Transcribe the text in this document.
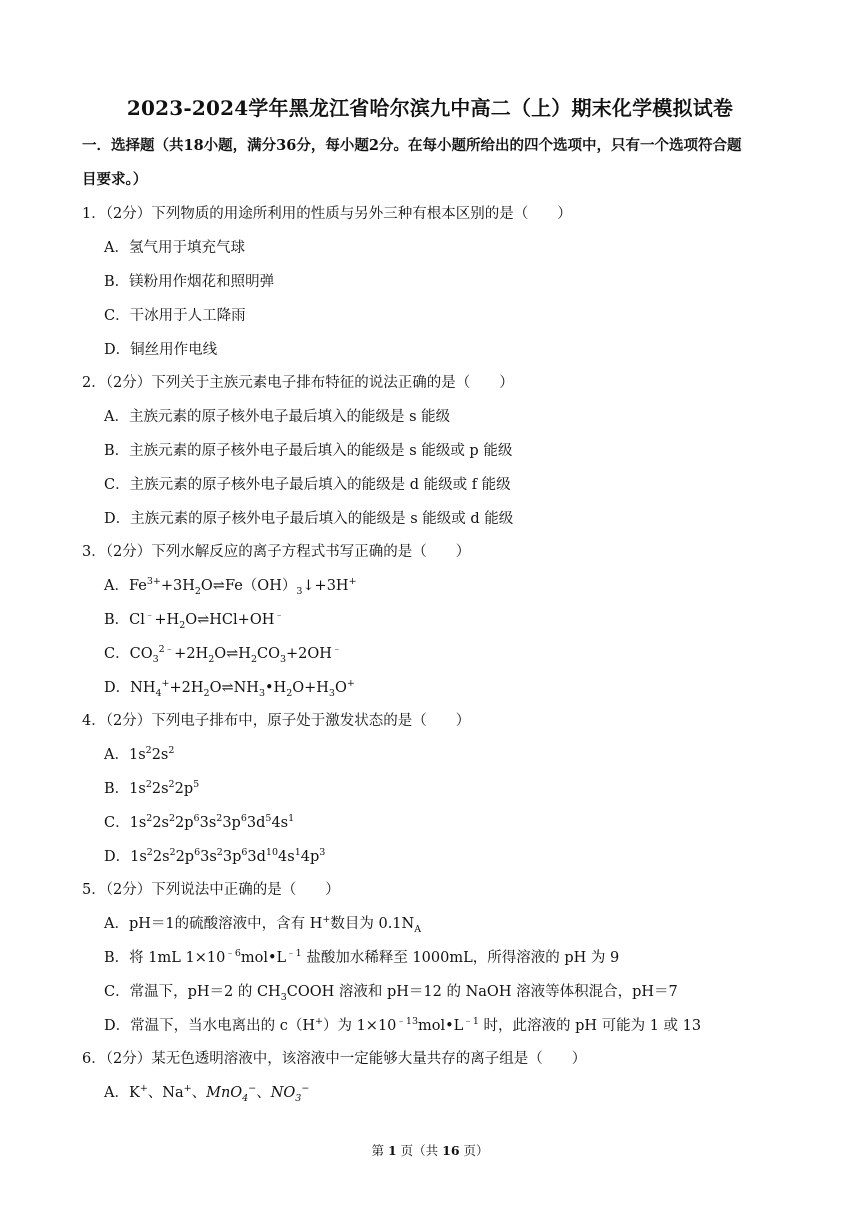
2023-2024学年黑龙江省哈尔滨九中高二（上）期末化学模拟试卷
一．选择题（共18小题，满分36分，每小题2分。在每小题所给出的四个选项中，只有一个选项符合题
目要求。）
1．（2分）下列物质的用途所利用的性质与另外三种有根本区别的是（　　）
A．氢气用于填充气球
B．镁粉用作烟花和照明弹
C．干冰用于人工降雨
D．铜丝用作电线
2．（2分）下列关于主族元素电子排布特征的说法正确的是（　　）
A．主族元素的原子核外电子最后填入的能级是 s 能级
B．主族元素的原子核外电子最后填入的能级是 s 能级或 p 能级
C．主族元素的原子核外电子最后填入的能级是 d 能级或 f 能级
D．主族元素的原子核外电子最后填入的能级是 s 能级或 d 能级
3．（2分）下列水解反应的离子方程式书写正确的是（　　）
A．$Fe^{3+}+3H_2O\rightleftharpoons Fe(OH)_3↓+3H^+$
B．$Cl^﹣+H_2O\rightleftharpoons HCl+OH^﹣$
C．$CO_3^{2﹣}+2H_2O\rightleftharpoons H_2CO_3+2OH^﹣$
D．$NH_4^++2H_2O\rightleftharpoons NH_3•H_2O+H_3O^+$
4．（2分）下列电子排布中，原子处于激发状态的是（　　）
A．$1s^22s^2$
B．$1s^22s^22p^5$
C．$1s^22s^22p^63s^23p^63d^54s^1$
D．$1s^22s^22p^63s^23p^63d^{10}4s^14p^3$
5．（2分）下列说法中正确的是（　　）
A．pH＝1的硫酸溶液中，含有 H+数目为 $0.1N_A$
B．将 1mL $1\times 10^{﹣6}mol•L^{﹣1}$ 盐酸加水稀释至 1000mL，所得溶液的 pH 为 9
C．常温下，pH＝2 的 $CH_3COOH$ 溶液和 pH＝12 的 NaOH 溶液等体积混合，pH＝7
D．常温下，当水电离出的 c（H+）为 $1\times 10^{﹣13}mol•L^{﹣1}$ 时，此溶液的 pH 可能为 1 或 13
6．（2分）某无色透明溶液中，该溶液中一定能够大量共存的离子组是（　　）
A．K+、Na+、MnO$_4$−、$NO_3^-$
第 1 页（共 16 页）
